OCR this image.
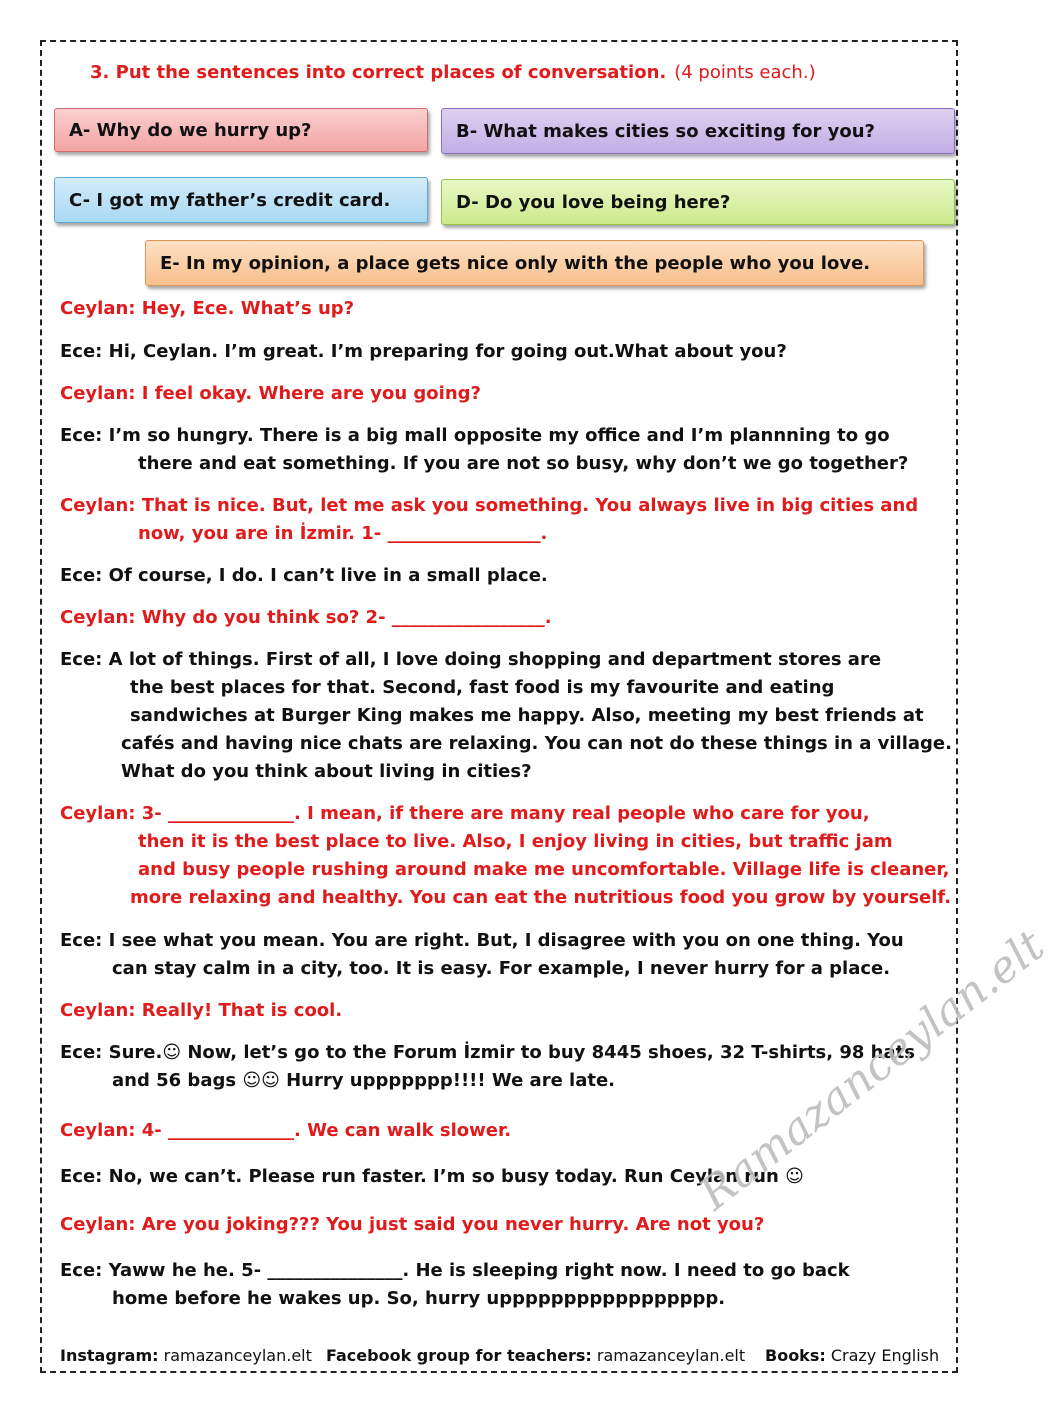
3. Put the sentences into correct places of conversation. (4 points each.)
A- Why do we hurry up?	B- What makes cities so exciting for you?
C- I got my father’s credit card.	D- Do you love being here?
E- In my opinion, a place gets nice only with the people who you love.
Ceylan: Hey, Ece. What’s up?
Ece: Hi, Ceylan. I’m great. I’m preparing for going out.What about you?
Ceylan: I feel okay. Where are you going?
Ece: I’m so hungry. There is a big mall opposite my office and I’m plannning to go
there and eat something. If you are not so busy, why don’t we go together?
Ceylan: That is nice. But, let me ask you something. You always live in big cities and
now, you are in İzmir. 1- _________________.
Ece: Of course, I do. I can’t live in a small place.
Ceylan: Why do you think so? 2- _________________.
Ece: A lot of things. First of all, I love doing shopping and department stores are
the best places for that. Second, fast food is my favourite and eating
sandwiches at Burger King makes me happy. Also, meeting my best friends at
cafés and having nice chats are relaxing. You can not do these things in a village.
What do you think about living in cities?
Ceylan: 3- ______________. I mean, if there are many real people who care for you,
then it is the best place to live. Also, I enjoy living in cities, but traffic jam
and busy people rushing around make me uncomfortable. Village life is cleaner,
more relaxing and healthy. You can eat the nutritious food you grow by yourself.
Ece: I see what you mean. You are right. But, I disagree with you on one thing. You
can stay calm in a city, too. It is easy. For example, I never hurry for a place.
Ceylan: Really! That is cool.
Ece: Sure.☺ Now, let’s go to the Forum İzmir to buy 8445 shoes, 32 T-shirts, 98 hats
and 56 bags ☺☺ Hurry uppppppp!!!! We are late.
Ceylan: 4- ______________. We can walk slower.
Ece: No, we can’t. Please run faster. I’m so busy today. Run Ceylan run ☺
Ceylan: Are you joking??? You just said you never hurry. Are not you?
Ece: Yaww he he. 5- _______________. He is sleeping right now. I need to go back
home before he wakes up. So, hurry uppppppppppppppppp.
Ramazanceylan.elt
Instagram: ramazanceylan.elt Facebook group for teachers: ramazanceylan.elt Books: Crazy English
